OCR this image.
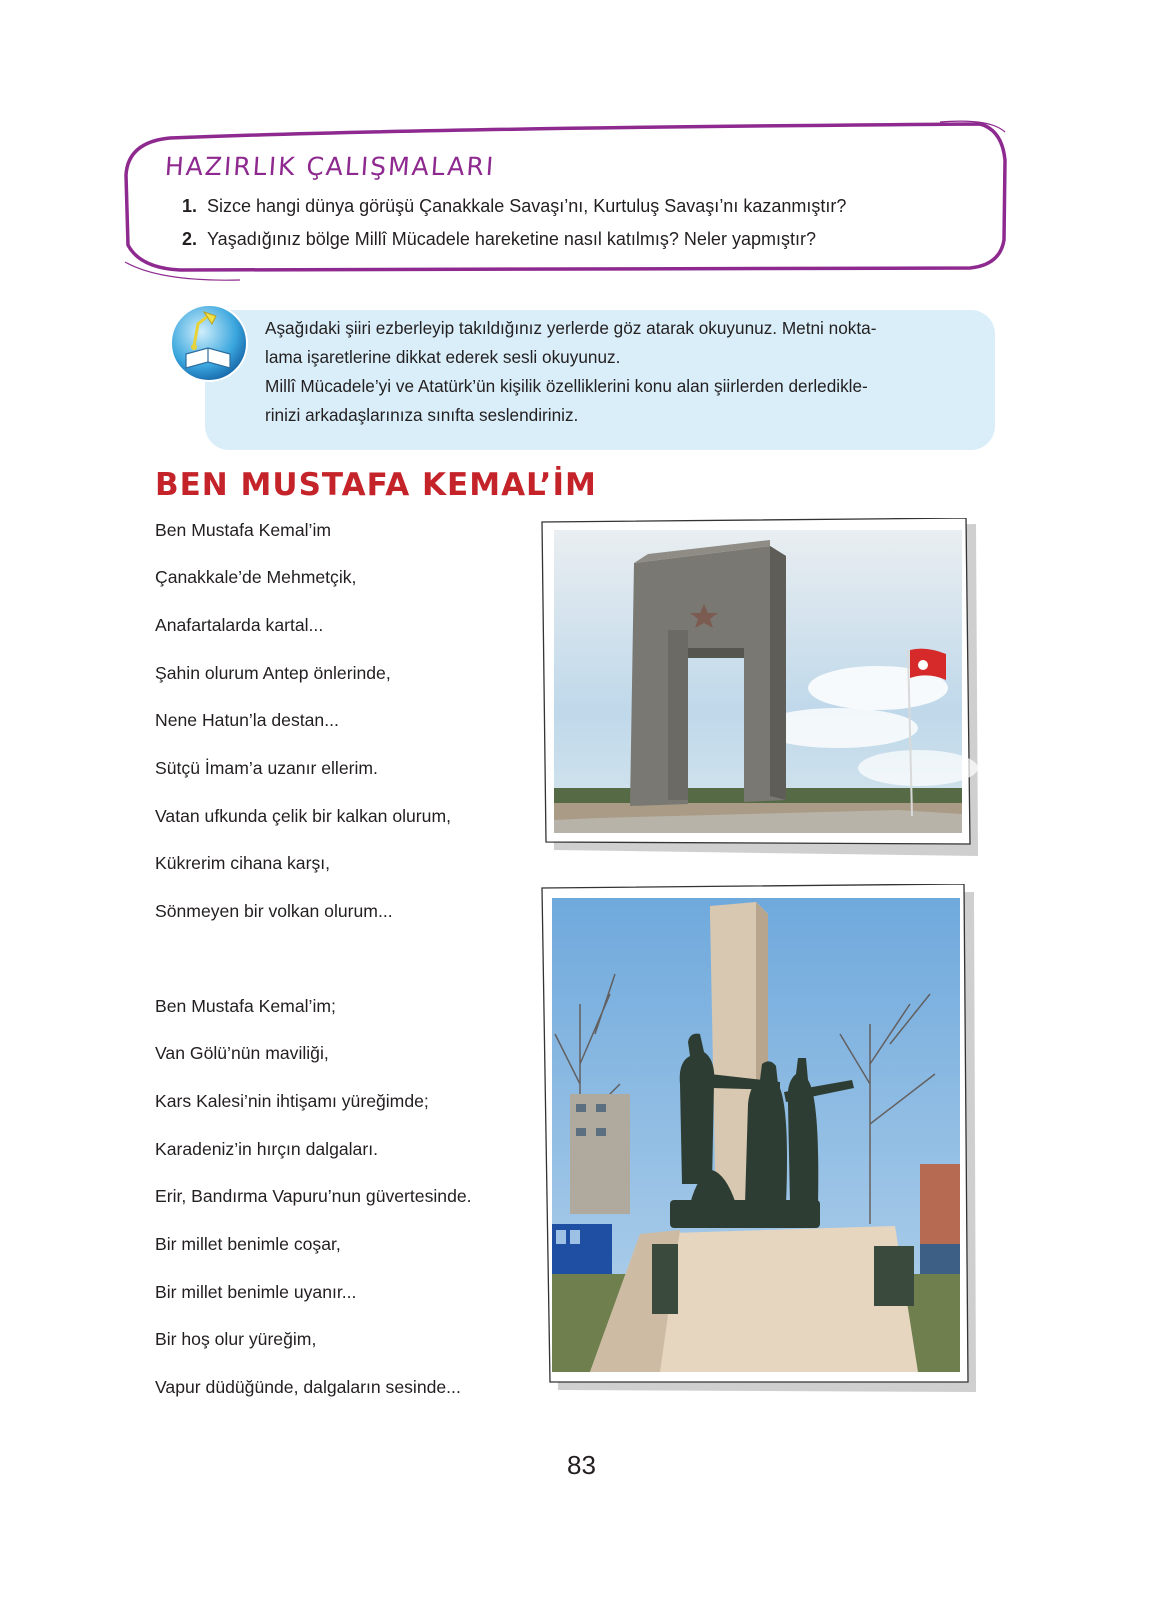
HAZIRLIK ÇALIŞMALARI
1. Sizce hangi dünya görüşü Çanakkale Savaşı’nı, Kurtuluş Savaşı’nı kazanmıştır?
2. Yaşadığınız bölge Millî Mücadele hareketine nasıl katılmış? Neler yapmıştır?
Aşağıdaki şiiri ezberleyip takıldığınız yerlerde göz atarak okuyunuz. Metni nokta-
lama işaretlerine dikkat ederek sesli okuyunuz.
Millî Mücadele’yi ve Atatürk’ün kişilik özelliklerini konu alan şiirlerden derledikle-
rinizi arkadaşlarınıza sınıfta seslendiriniz.
BEN MUSTAFA KEMAL’İM
Ben Mustafa Kemal’im
Çanakkale’de Mehmetçik,
Anafartalarda kartal...
Şahin olurum Antep önlerinde,
Nene Hatun’la destan...
Sütçü İmam’a uzanır ellerim.
Vatan ufkunda çelik bir kalkan olurum,
Kükrerim cihana karşı,
Sönmeyen bir volkan olurum...
Ben Mustafa Kemal’im;
Van Gölü’nün maviliği,
Kars Kalesi’nin ihtişamı yüreğimde;
Karadeniz’in hırçın dalgaları.
Erir, Bandırma Vapuru’nun güvertesinde.
Bir millet benimle coşar,
Bir millet benimle uyanır...
Bir hoş olur yüreğim,
Vapur düdüğünde, dalgaların sesinde...
83
